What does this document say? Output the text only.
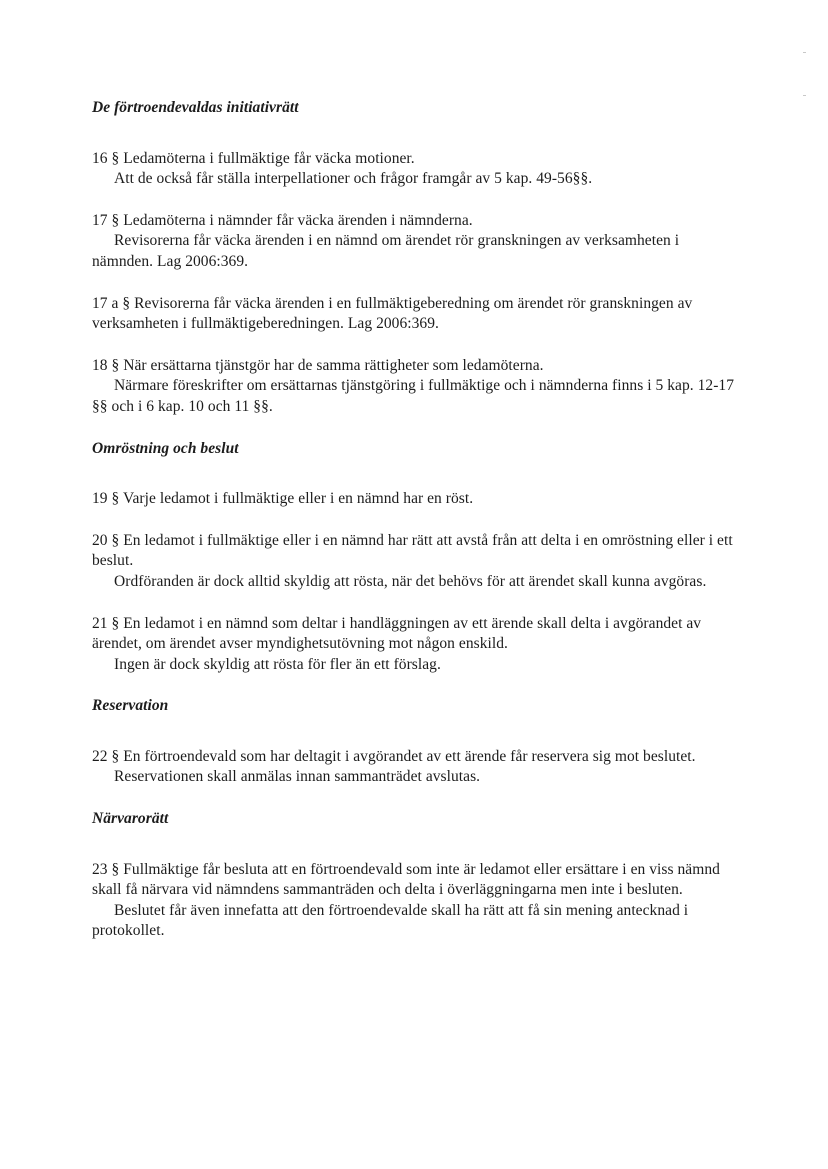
De förtroendevaldas initiativrätt

16 § Ledamöterna i fullmäktige får väcka motioner.

Att de också får ställa interpellationer och frågor framgår av 5 kap. 49-56§§.

17 § Ledamöterna i nämnder får väcka ärenden i nämnderna.

Revisorerna får väcka ärenden i en nämnd om ärendet rör granskningen av verksamheten i nämnden. Lag 2006:369.

17 a § Revisorerna får väcka ärenden i en fullmäktigeberedning om ärendet rör granskningen av verksamheten i fullmäktigeberedningen. Lag 2006:369.

18 § När ersättarna tjänstgör har de samma rättigheter som ledamöterna.

Närmare föreskrifter om ersättarnas tjänstgöring i fullmäktige och i nämnderna finns i 5 kap. 12-17 §§ och i 6 kap. 10 och 11 §§.

Omröstning och beslut

19 § Varje ledamot i fullmäktige eller i en nämnd har en röst.

20 § En ledamot i fullmäktige eller i en nämnd har rätt att avstå från att delta i en omröstning eller i ett beslut.

Ordföranden är dock alltid skyldig att rösta, när det behövs för att ärendet skall kunna avgöras.

21 § En ledamot i en nämnd som deltar i handläggningen av ett ärende skall delta i avgörandet av ärendet, om ärendet avser myndighetsutövning mot någon enskild.

Ingen är dock skyldig att rösta för fler än ett förslag.

Reservation

22 § En förtroendevald som har deltagit i avgörandet av ett ärende får reservera sig mot beslutet.

Reservationen skall anmälas innan sammanträdet avslutas.

Närvarorätt

23 § Fullmäktige får besluta att en förtroendevald som inte är ledamot eller ersättare i en viss nämnd skall få närvara vid nämndens sammanträden och delta i överläggningarna men inte i besluten.

Beslutet får även innefatta att den förtroendevalde skall ha rätt att få sin mening antecknad i protokollet.
